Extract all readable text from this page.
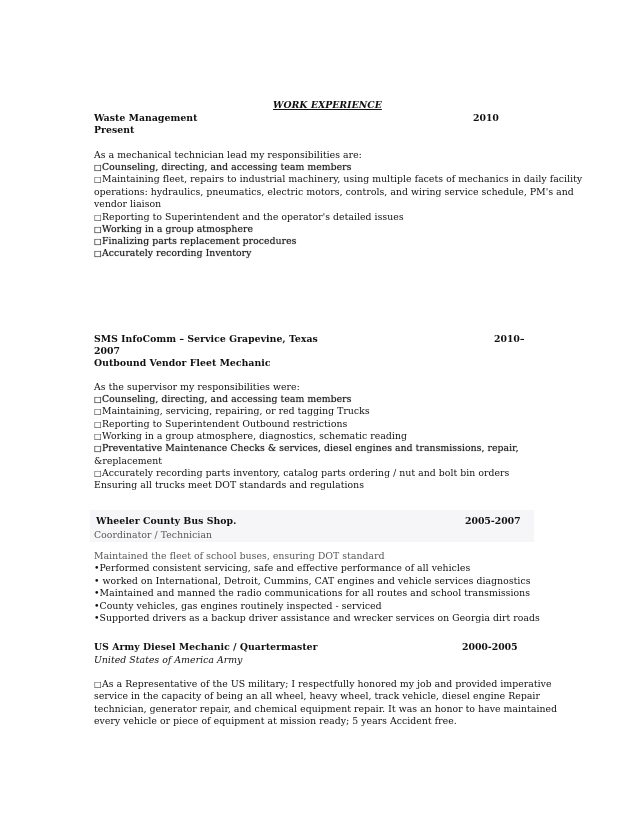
WORK EXPERIENCE
Waste Management	2010
Present
As a mechanical technician lead my responsibilities are:
□Counseling, directing, and accessing team members
□Maintaining fleet, repairs to industrial machinery, using multiple facets of mechanics in daily facility
operations: hydraulics, pneumatics, electric motors, controls, and wiring service schedule, PM's and
vendor liaison
□Reporting to Superintendent and the operator's detailed issues
□Working in a group atmosphere
□Finalizing parts replacement procedures
□Accurately recording Inventory
SMS InfoComm – Service Grapevine, Texas	2010–
2007
Outbound Vendor Fleet Mechanic
As the supervisor my responsibilities were:
□Counseling, directing, and accessing team members
□Maintaining, servicing, repairing, or red tagging Trucks
□Reporting to Superintendent Outbound restrictions
□Working in a group atmosphere, diagnostics, schematic reading
□Preventative Maintenance Checks & services, diesel engines and transmissions, repair,
&replacement
□Accurately recording parts inventory, catalog parts ordering / nut and bolt bin orders
Ensuring all trucks meet DOT standards and regulations
Wheeler County Bus Shop.	2005-2007
Coordinator / Technician
Maintained the fleet of school buses, ensuring DOT standard
•Performed consistent servicing, safe and effective performance of all vehicles
• worked on International, Detroit, Cummins, CAT engines and vehicle services diagnostics
•Maintained and manned the radio communications for all routes and school transmissions
•County vehicles, gas engines routinely inspected - serviced
•Supported drivers as a backup driver assistance and wrecker services on Georgia dirt roads
US Army Diesel Mechanic / Quartermaster	2000-2005
United States of America Army
□As a Representative of the US military; I respectfully honored my job and provided imperative
service in the capacity of being an all wheel, heavy wheel, track vehicle, diesel engine Repair
technician, generator repair, and chemical equipment repair. It was an honor to have maintained
every vehicle or piece of equipment at mission ready; 5 years Accident free.
